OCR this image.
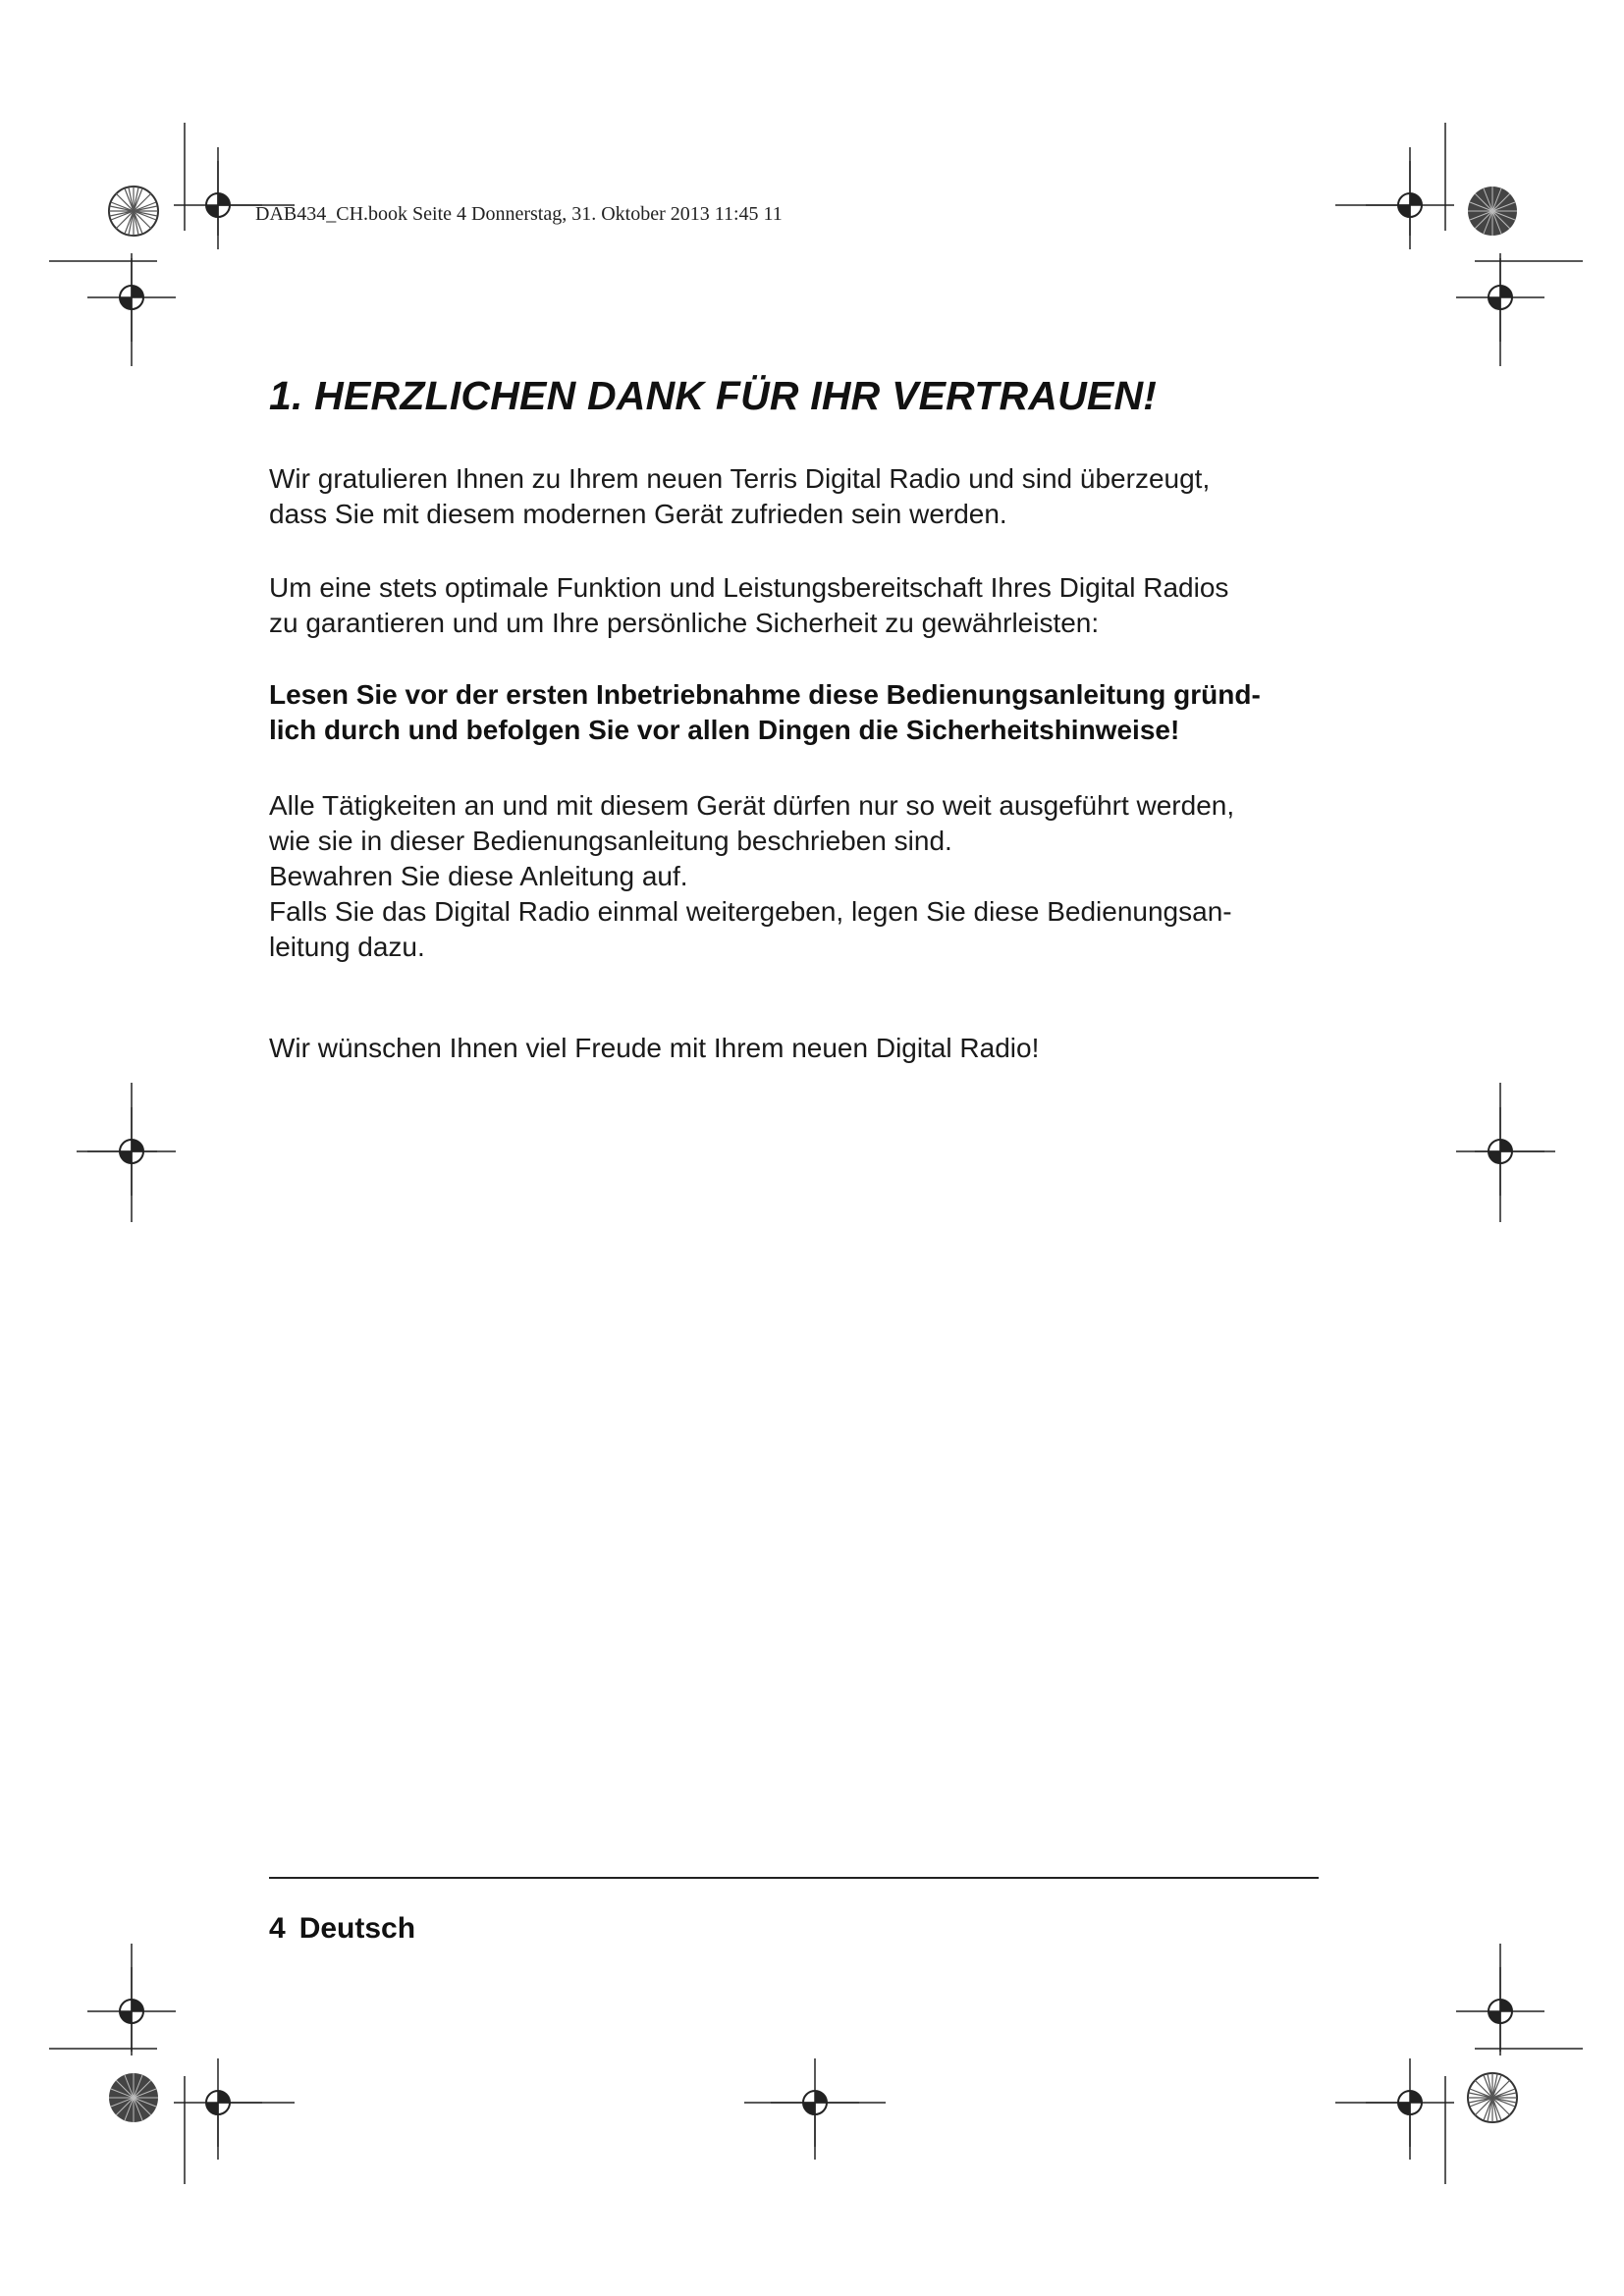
DAB434_CH.book Seite 4 Donnerstag, 31. Oktober 2013 11:45 11
1. HERZLICHEN DANK FÜR IHR VERTRAUEN!
Wir gratulieren Ihnen zu Ihrem neuen Terris Digital Radio und sind überzeugt,
dass Sie mit diesem modernen Gerät zufrieden sein werden.
Um eine stets optimale Funktion und Leistungsbereitschaft Ihres Digital Radios
zu garantieren und um Ihre persönliche Sicherheit zu gewährleisten:
Lesen Sie vor der ersten Inbetriebnahme diese Bedienungsanleitung gründ-
lich durch und befolgen Sie vor allen Dingen die Sicherheitshinweise!
Alle Tätigkeiten an und mit diesem Gerät dürfen nur so weit ausgeführt werden,
wie sie in dieser Bedienungsanleitung beschrieben sind.
Bewahren Sie diese Anleitung auf.
Falls Sie das Digital Radio einmal weitergeben, legen Sie diese Bedienungsan-
leitung dazu.
Wir wünschen Ihnen viel Freude mit Ihrem neuen Digital Radio!
4 Deutsch
